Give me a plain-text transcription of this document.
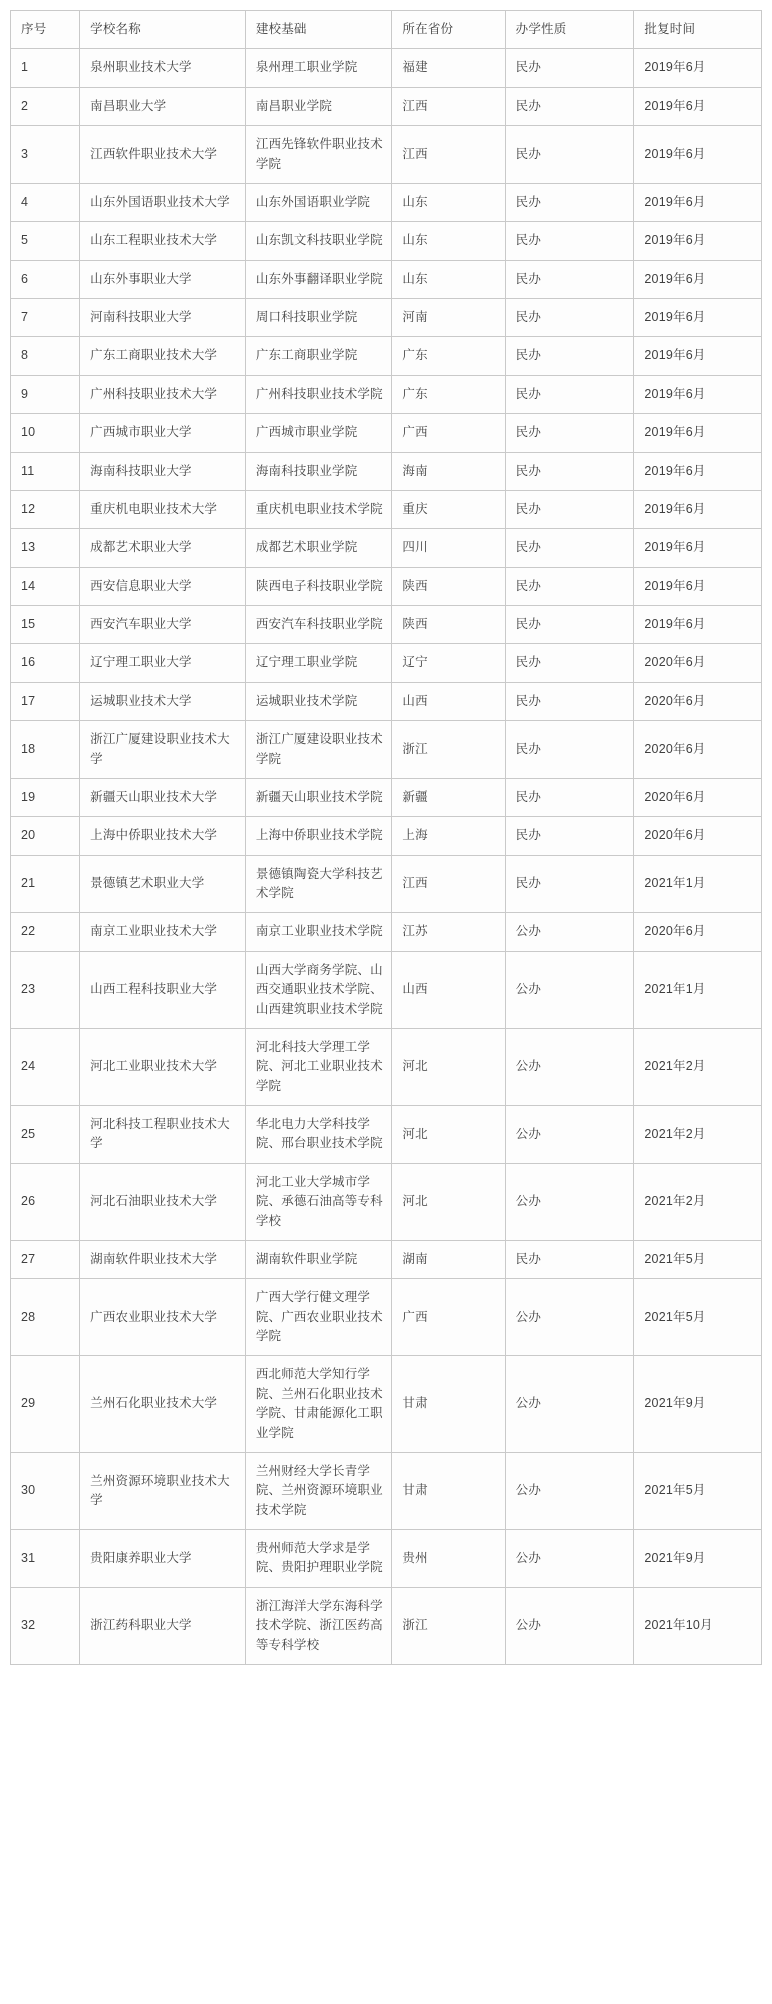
序号	学校名称	建校基础	所在省份	办学性质	批复时间
1	泉州职业技术大学	泉州理工职业学院	福建	民办	2019年6月
2	南昌职业大学	南昌职业学院	江西	民办	2019年6月
3	江西软件职业技术大学	江西先锋软件职业技术学院	江西	民办	2019年6月
4	山东外国语职业技术大学	山东外国语职业学院	山东	民办	2019年6月
5	山东工程职业技术大学	山东凯文科技职业学院	山东	民办	2019年6月
6	山东外事职业大学	山东外事翻译职业学院	山东	民办	2019年6月
7	河南科技职业大学	周口科技职业学院	河南	民办	2019年6月
8	广东工商职业技术大学	广东工商职业学院	广东	民办	2019年6月
9	广州科技职业技术大学	广州科技职业技术学院	广东	民办	2019年6月
10	广西城市职业大学	广西城市职业学院	广西	民办	2019年6月
11	海南科技职业大学	海南科技职业学院	海南	民办	2019年6月
12	重庆机电职业技术大学	重庆机电职业技术学院	重庆	民办	2019年6月
13	成都艺术职业大学	成都艺术职业学院	四川	民办	2019年6月
14	西安信息职业大学	陕西电子科技职业学院	陕西	民办	2019年6月
15	西安汽车职业大学	西安汽车科技职业学院	陕西	民办	2019年6月
16	辽宁理工职业大学	辽宁理工职业学院	辽宁	民办	2020年6月
17	运城职业技术大学	运城职业技术学院	山西	民办	2020年6月
18	浙江广厦建设职业技术大学	浙江广厦建设职业技术学院	浙江	民办	2020年6月
19	新疆天山职业技术大学	新疆天山职业技术学院	新疆	民办	2020年6月
20	上海中侨职业技术大学	上海中侨职业技术学院	上海	民办	2020年6月
21	景德镇艺术职业大学	景德镇陶瓷大学科技艺术学院	江西	民办	2021年1月
22	南京工业职业技术大学	南京工业职业技术学院	江苏	公办	2020年6月
23	山西工程科技职业大学	山西大学商务学院、山西交通职业技术学院、山西建筑职业技术学院	山西	公办	2021年1月
24	河北工业职业技术大学	河北科技大学理工学院、河北工业职业技术学院	河北	公办	2021年2月
25	河北科技工程职业技术大学	华北电力大学科技学院、邢台职业技术学院	河北	公办	2021年2月
26	河北石油职业技术大学	河北工业大学城市学院、承德石油高等专科学校	河北	公办	2021年2月
27	湖南软件职业技术大学	湖南软件职业学院	湖南	民办	2021年5月
28	广西农业职业技术大学	广西大学行健文理学院、广西农业职业技术学院	广西	公办	2021年5月
29	兰州石化职业技术大学	西北师范大学知行学院、兰州石化职业技术学院、甘肃能源化工职业学院	甘肃	公办	2021年9月
30	兰州资源环境职业技术大学	兰州财经大学长青学院、兰州资源环境职业技术学院	甘肃	公办	2021年5月
31	贵阳康养职业大学	贵州师范大学求是学院、贵阳护理职业学院	贵州	公办	2021年9月
32	浙江药科职业大学	浙江海洋大学东海科学技术学院、浙江医药高等专科学校	浙江	公办	2021年10月
